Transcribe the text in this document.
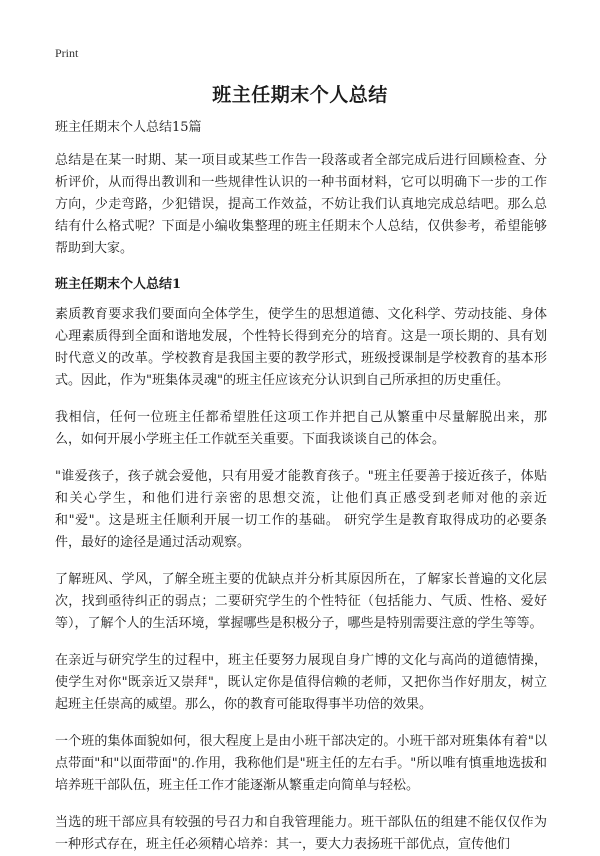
Print
班主任期末个人总结

班主任期末个人总结15篇

总结是在某一时期、某一项目或某些工作告一段落或者全部完成后进行回顾检查、分析评价，从而得出教训和一些规律性认识的一种书面材料，它可以明确下一步的工作方向，少走弯路，少犯错误，提高工作效益，不妨让我们认真地完成总结吧。那么总结有什么格式呢？下面是小编收集整理的班主任期末个人总结，仅供参考，希望能够帮助到大家。

班主任期末个人总结1

素质教育要求我们要面向全体学生，使学生的思想道德、文化科学、劳动技能、身体心理素质得到全面和谐地发展，个性特长得到充分的培育。这是一项长期的、具有划时代意义的改革。学校教育是我国主要的教学形式，班级授课制是学校教育的基本形式。因此，作为"班集体灵魂"的班主任应该充分认识到自己所承担的历史重任。

我相信，任何一位班主任都希望胜任这项工作并把自己从繁重中尽量解脱出来，那么，如何开展小学班主任工作就至关重要。下面我谈谈自己的体会。

"谁爱孩子，孩子就会爱他，只有用爱才能教育孩子。"班主任要善于接近孩子，体贴和关心学生，和他们进行亲密的思想交流，让他们真正感受到老师对他的亲近和"爱"。这是班主任顺利开展一切工作的基础。 研究学生是教育取得成功的必要条件，最好的途径是通过活动观察。

了解班风、学风，了解全班主要的优缺点并分析其原因所在，了解家长普遍的文化层次，找到亟待纠正的弱点；二要研究学生的个性特征（包括能力、气质、性格、爱好等），了解个人的生活环境，掌握哪些是积极分子，哪些是特别需要注意的学生等等。

在亲近与研究学生的过程中，班主任要努力展现自身广博的文化与高尚的道德情操，使学生对你"既亲近又崇拜"，既认定你是值得信赖的老师，又把你当作好朋友，树立起班主任崇高的威望。那么，你的教育可能取得事半功倍的效果。

一个班的集体面貌如何，很大程度上是由小班干部决定的。小班干部对班集体有着"以点带面"和"以面带面"的.作用，我称他们是"班主任的左右手。"所以唯有慎重地选拔和培养班干部队伍，班主任工作才能逐渐从繁重走向简单与轻松。

当选的班干部应具有较强的号召力和自我管理能力。班干部队伍的组建不能仅仅作为一种形式存在，班主任必须精心培养：其一，要大力表扬班干部优点，宣传他们
